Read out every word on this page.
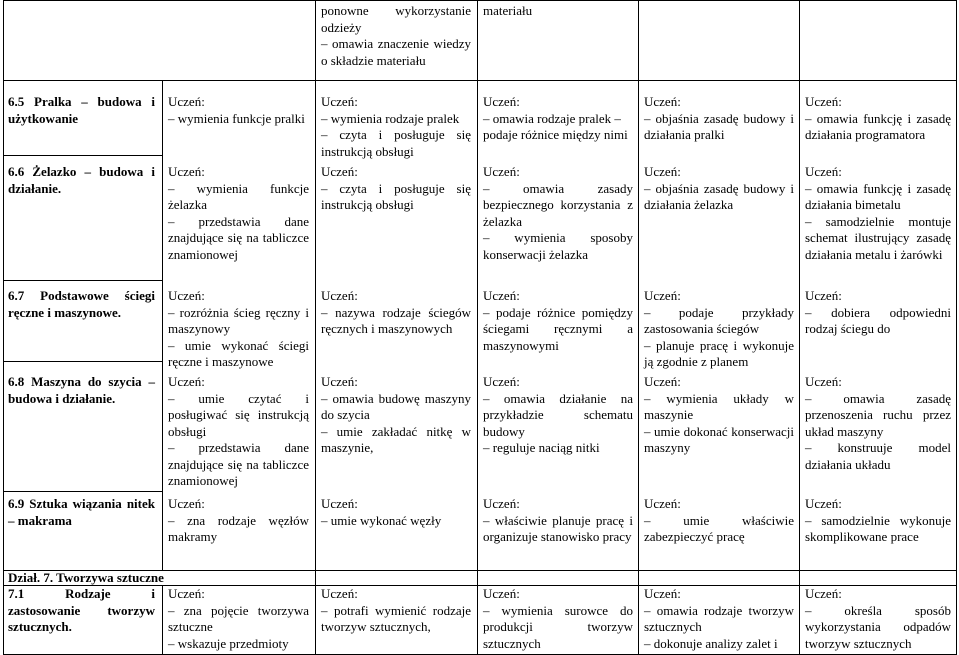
ponowne wykorzystanie odzieży

– omawia znaczenie wiedzy o składzie materiału

materiału

Dział. 7. Tworzywa sztuczne
6.5 Pralka – budowa i użytkowanie

Uczeń:

– wymienia funkcje pralki

Uczeń:

– wymienia rodzaje pralek

– czyta i posługuje się instrukcją obsługi

Uczeń:

– omawia rodzaje pralek –

podaje różnice między nimi

Uczeń:

– objaśnia zasadę budowy i działania pralki

Uczeń:

– omawia funkcję i zasadę działania programatora

6.6 Żelazko – budowa i działanie.

Uczeń:

– wymienia funkcje żelazka

– przedstawia dane znajdujące się na tabliczce znamionowej

Uczeń:

– czyta i posługuje się instrukcją obsługi

Uczeń:

– omawia zasady bezpiecznego korzystania z żelazka

– wymienia sposoby konserwacji żelazka

Uczeń:

– objaśnia zasadę budowy i działania żelazka

Uczeń:

– omawia funkcję i zasadę działania bimetalu

– samodzielnie montuje schemat ilustrujący zasadę działania metalu i żarówki

6.7 Podstawowe ściegi ręczne i maszynowe.

Uczeń:

– rozróżnia ścieg ręczny i maszynowy

– umie wykonać ściegi ręczne i maszynowe

Uczeń:

– nazywa rodzaje ściegów ręcznych i maszynowych

Uczeń:

– podaje różnice pomiędzy ściegami ręcznymi a maszynowymi

Uczeń:

– podaje przykłady zastosowania ściegów

– planuje pracę i wykonuje ją zgodnie z planem

Uczeń:

– dobiera odpowiedni rodzaj ściegu do

6.8 Maszyna do szycia – budowa i działanie.

Uczeń:

– umie czytać i posługiwać się instrukcją obsługi

– przedstawia dane znajdujące się na tabliczce znamionowej

Uczeń:

– omawia budowę maszyny do szycia

– umie zakładać nitkę w maszynie,

Uczeń:

– omawia działanie na przykładzie schematu budowy

– reguluje naciąg nitki

Uczeń:

– wymienia układy w maszynie

– umie dokonać konserwacji maszyny

Uczeń:

– omawia zasadę przenoszenia ruchu przez układ maszyny

– konstruuje model działania układu

6.9 Sztuka wiązania nitek – makrama

Uczeń:

– zna rodzaje węzłów makramy

Uczeń:

– umie wykonać węzły

Uczeń:

– właściwie planuje pracę i organizuje stanowisko pracy

Uczeń:

– umie właściwie zabezpieczyć pracę

Uczeń:

– samodzielnie wykonuje skomplikowane prace

7.1 Rodzaje i zastosowanie tworzyw sztucznych.

Uczeń:

– zna pojęcie tworzywa sztuczne

– wskazuje przedmioty

Uczeń:

– potrafi wymienić rodzaje tworzyw sztucznych,

Uczeń:

– wymienia surowce do produkcji tworzyw sztucznych

Uczeń:

– omawia rodzaje tworzyw sztucznych

– dokonuje analizy zalet i

Uczeń:

– określa sposób wykorzystania odpadów tworzyw sztucznych
